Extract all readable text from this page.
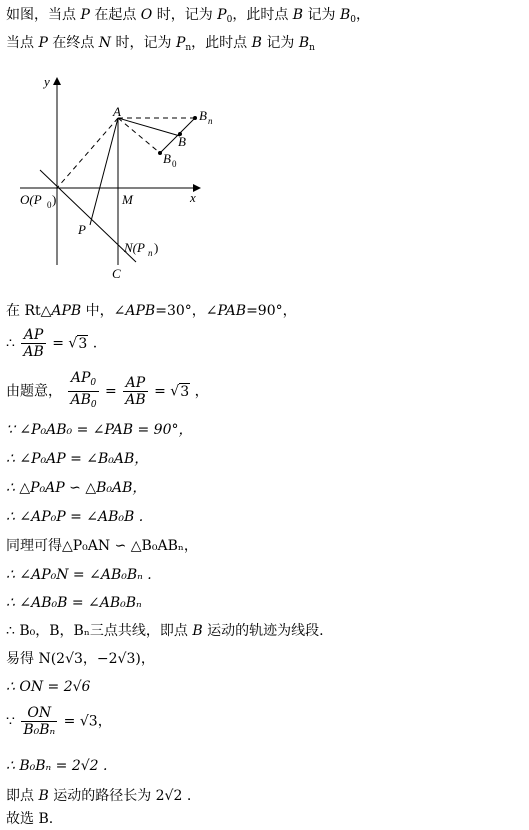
如图，当点 P 在起点 O 时，记为 $P_0$，此时点 B 记为 $B_0$，
当点 P 在终点 N 时，记为 $P_n$，此时点 B 记为 $B_n$
y
x
A	B n
B
B 0
O(P 0 )	M
P
N(P n )
C
在 Rt△APB 中，∠APB=30°，∠PAB=90°，
∴ $\frac{AP}{AB} = √3$ .
由题意， $\frac{AP_0}{AB_0} = \frac{AP}{AB} = √3$ ，
∵ ∠P₀AB₀ = ∠PAB = 90°，
∴ ∠P₀AP = ∠B₀AB，
∴ △P₀AP ∽ △B₀AB，
∴ ∠AP₀P = ∠AB₀B .
同理可得△P₀AN ∽ △B₀ABₙ，
∴ ∠AP₀N = ∠AB₀Bₙ .
∴ ∠AB₀B = ∠AB₀Bₙ
∴ B₀，B，Bₙ三点共线，即点 B 运动的轨迹为线段.
易得 N(2√3，−2√3)，
∴ ON = 2√6
∵ $\frac{ON}{\text{B₀Bₙ}} = √3$，
∴ B₀Bₙ = 2√2 .
即点 B 运动的路径长为 2√2 .
故选 B.
